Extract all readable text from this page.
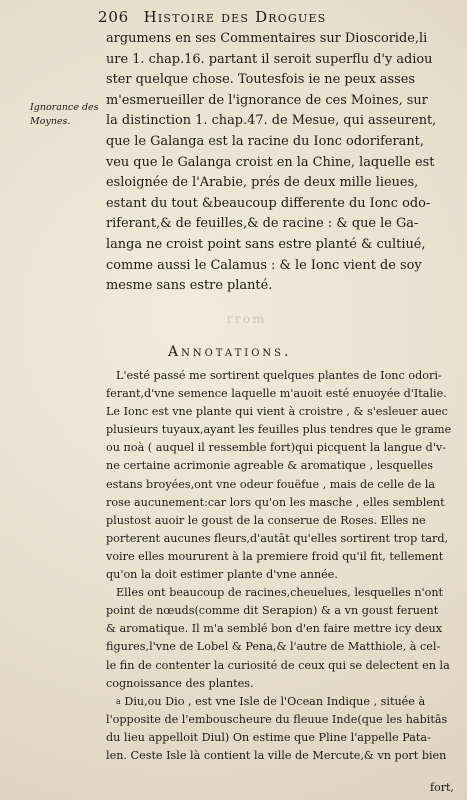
206 Histoire des Drogues
Ignorance des
Moynes.
argumens en ses Commentaires sur Dioscoride,li
ure 1. chap.16. partant il seroit superflu d'y adiou
ster quelque chose. Toutesfois ie ne peux asses
m'esmerueiller de l'ignorance de ces Moines, sur
la distinction 1. chap.47. de Mesue, qui asseurent,
que le Galanga est la racine du Ionc odoriferant,
veu que le Galanga croist en la Chine, laquelle est
esloignée de l'Arabie, prés de deux mille lieues,
estant du tout &beaucoup differente du Ionc odo-
riferant,& de feuilles,& de racine : & que le Ga-
langa ne croist point sans estre planté & cultiué,
comme aussi le Calamus : & le Ionc vient de soy
mesme sans estre planté.
rrom
Annotations.
L'esté passé me sortirent quelques plantes de Ionc odori-
ferant,d'vne semence laquelle m'auoit esté enuoyée d'Italie.
Le Ionc est vne plante qui vient à croistre , & s'esleuer auec
plusieurs tuyaux,ayant les feuilles plus tendres que le grame
ou πoà ( auquel il ressemble fort)qui picquent la langue d'v-
ne certaine acrimonie agreable & aromatique , lesquelles
estans broyées,ont vne odeur fouëfue , mais de celle de la
rose aucunement:car lors qu'on les masche , elles semblent
plustost auoir le goust de la conserue de Roses. Elles ne
porterent aucunes fleurs,d'autāt qu'elles sortirent trop tard,
voire elles moururent à la premiere froid qu'il fit, tellement
qu'on la doit estimer plante d'vne année.
Elles ont beaucoup de racines,cheuelues, lesquelles n'ont
point de nœuds(comme dit Serapion) & a vn goust feruent
& aromatique. Il m'a semblé bon d'en faire mettre icy deux
figures,l'vne de Lobel & Pena,& l'autre de Matthiole, à cel-
le fin de contenter la curiosité de ceux qui se delectent en la
cognoissance des plantes.
$^a$ Diu,ou Dio , est vne Isle de l'Ocean Indique , située à
l'opposite de l'embouscheure du fleuue Inde(que les habitās
du lieu appelloit Diul) On estime que Pline l'appelle Pata-
len. Ceste Isle là contient la ville de Mercute,& vn port bien
fort,
